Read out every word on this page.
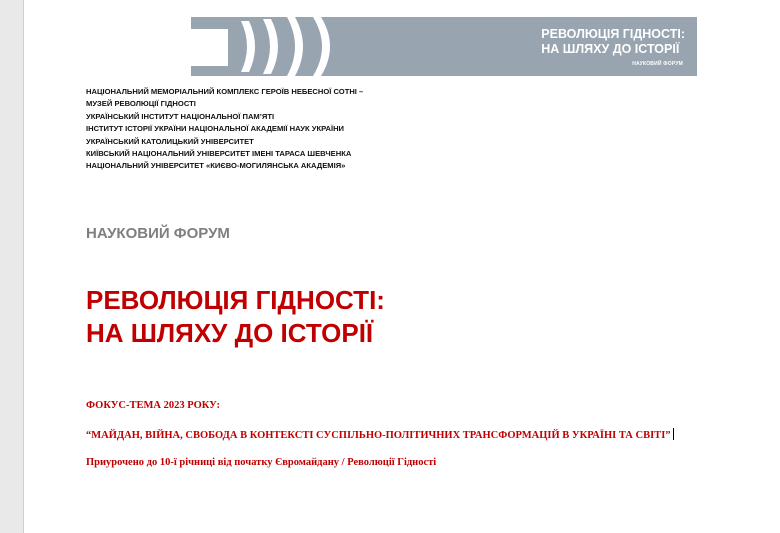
РЕВОЛЮЦІЯ ГІДНОСТІ:
НА ШЛЯХУ ДО ІСТОРІЇ
НАУКОВИЙ ФОРУМ
НАЦІОНАЛЬНИЙ МЕМОРІАЛЬНИЙ КОМПЛЕКС ГЕРОЇВ НЕБЕСНОЇ СОТНІ –
МУЗЕЙ РЕВОЛЮЦІЇ ГІДНОСТІ
УКРАЇНСЬКИЙ ІНСТИТУТ НАЦІОНАЛЬНОЇ ПАМ’ЯТІ
ІНСТИТУТ ІСТОРІЇ УКРАЇНИ НАЦІОНАЛЬНОЇ АКАДЕМІЇ НАУК УКРАЇНИ
УКРАЇНСЬКИЙ КАТОЛИЦЬКИЙ УНІВЕРСИТЕТ
КИЇВСЬКИЙ НАЦІОНАЛЬНИЙ УНІВЕРСИТЕТ ІМЕНІ ТАРАСА ШЕВЧЕНКА
НАЦІОНАЛЬНИЙ УНІВЕРСИТЕТ «КИЄВО-МОГИЛЯНСЬКА АКАДЕМІЯ»
НАУКОВИЙ ФОРУМ
РЕВОЛЮЦІЯ ГІДНОСТІ:
НА ШЛЯХУ ДО ІСТОРІЇ
ФОКУС-ТЕМА 2023 РОКУ:
“МАЙДАН, ВІЙНА, СВОБОДА В КОНТЕКСТІ СУСПІЛЬНО-ПОЛІТИЧНИХ ТРАНСФОРМАЦІЙ В УКРАЇНІ ТА СВІТІ”
Приурочено до 10-ї річниці від початку Євромайдану / Революції Гідності
